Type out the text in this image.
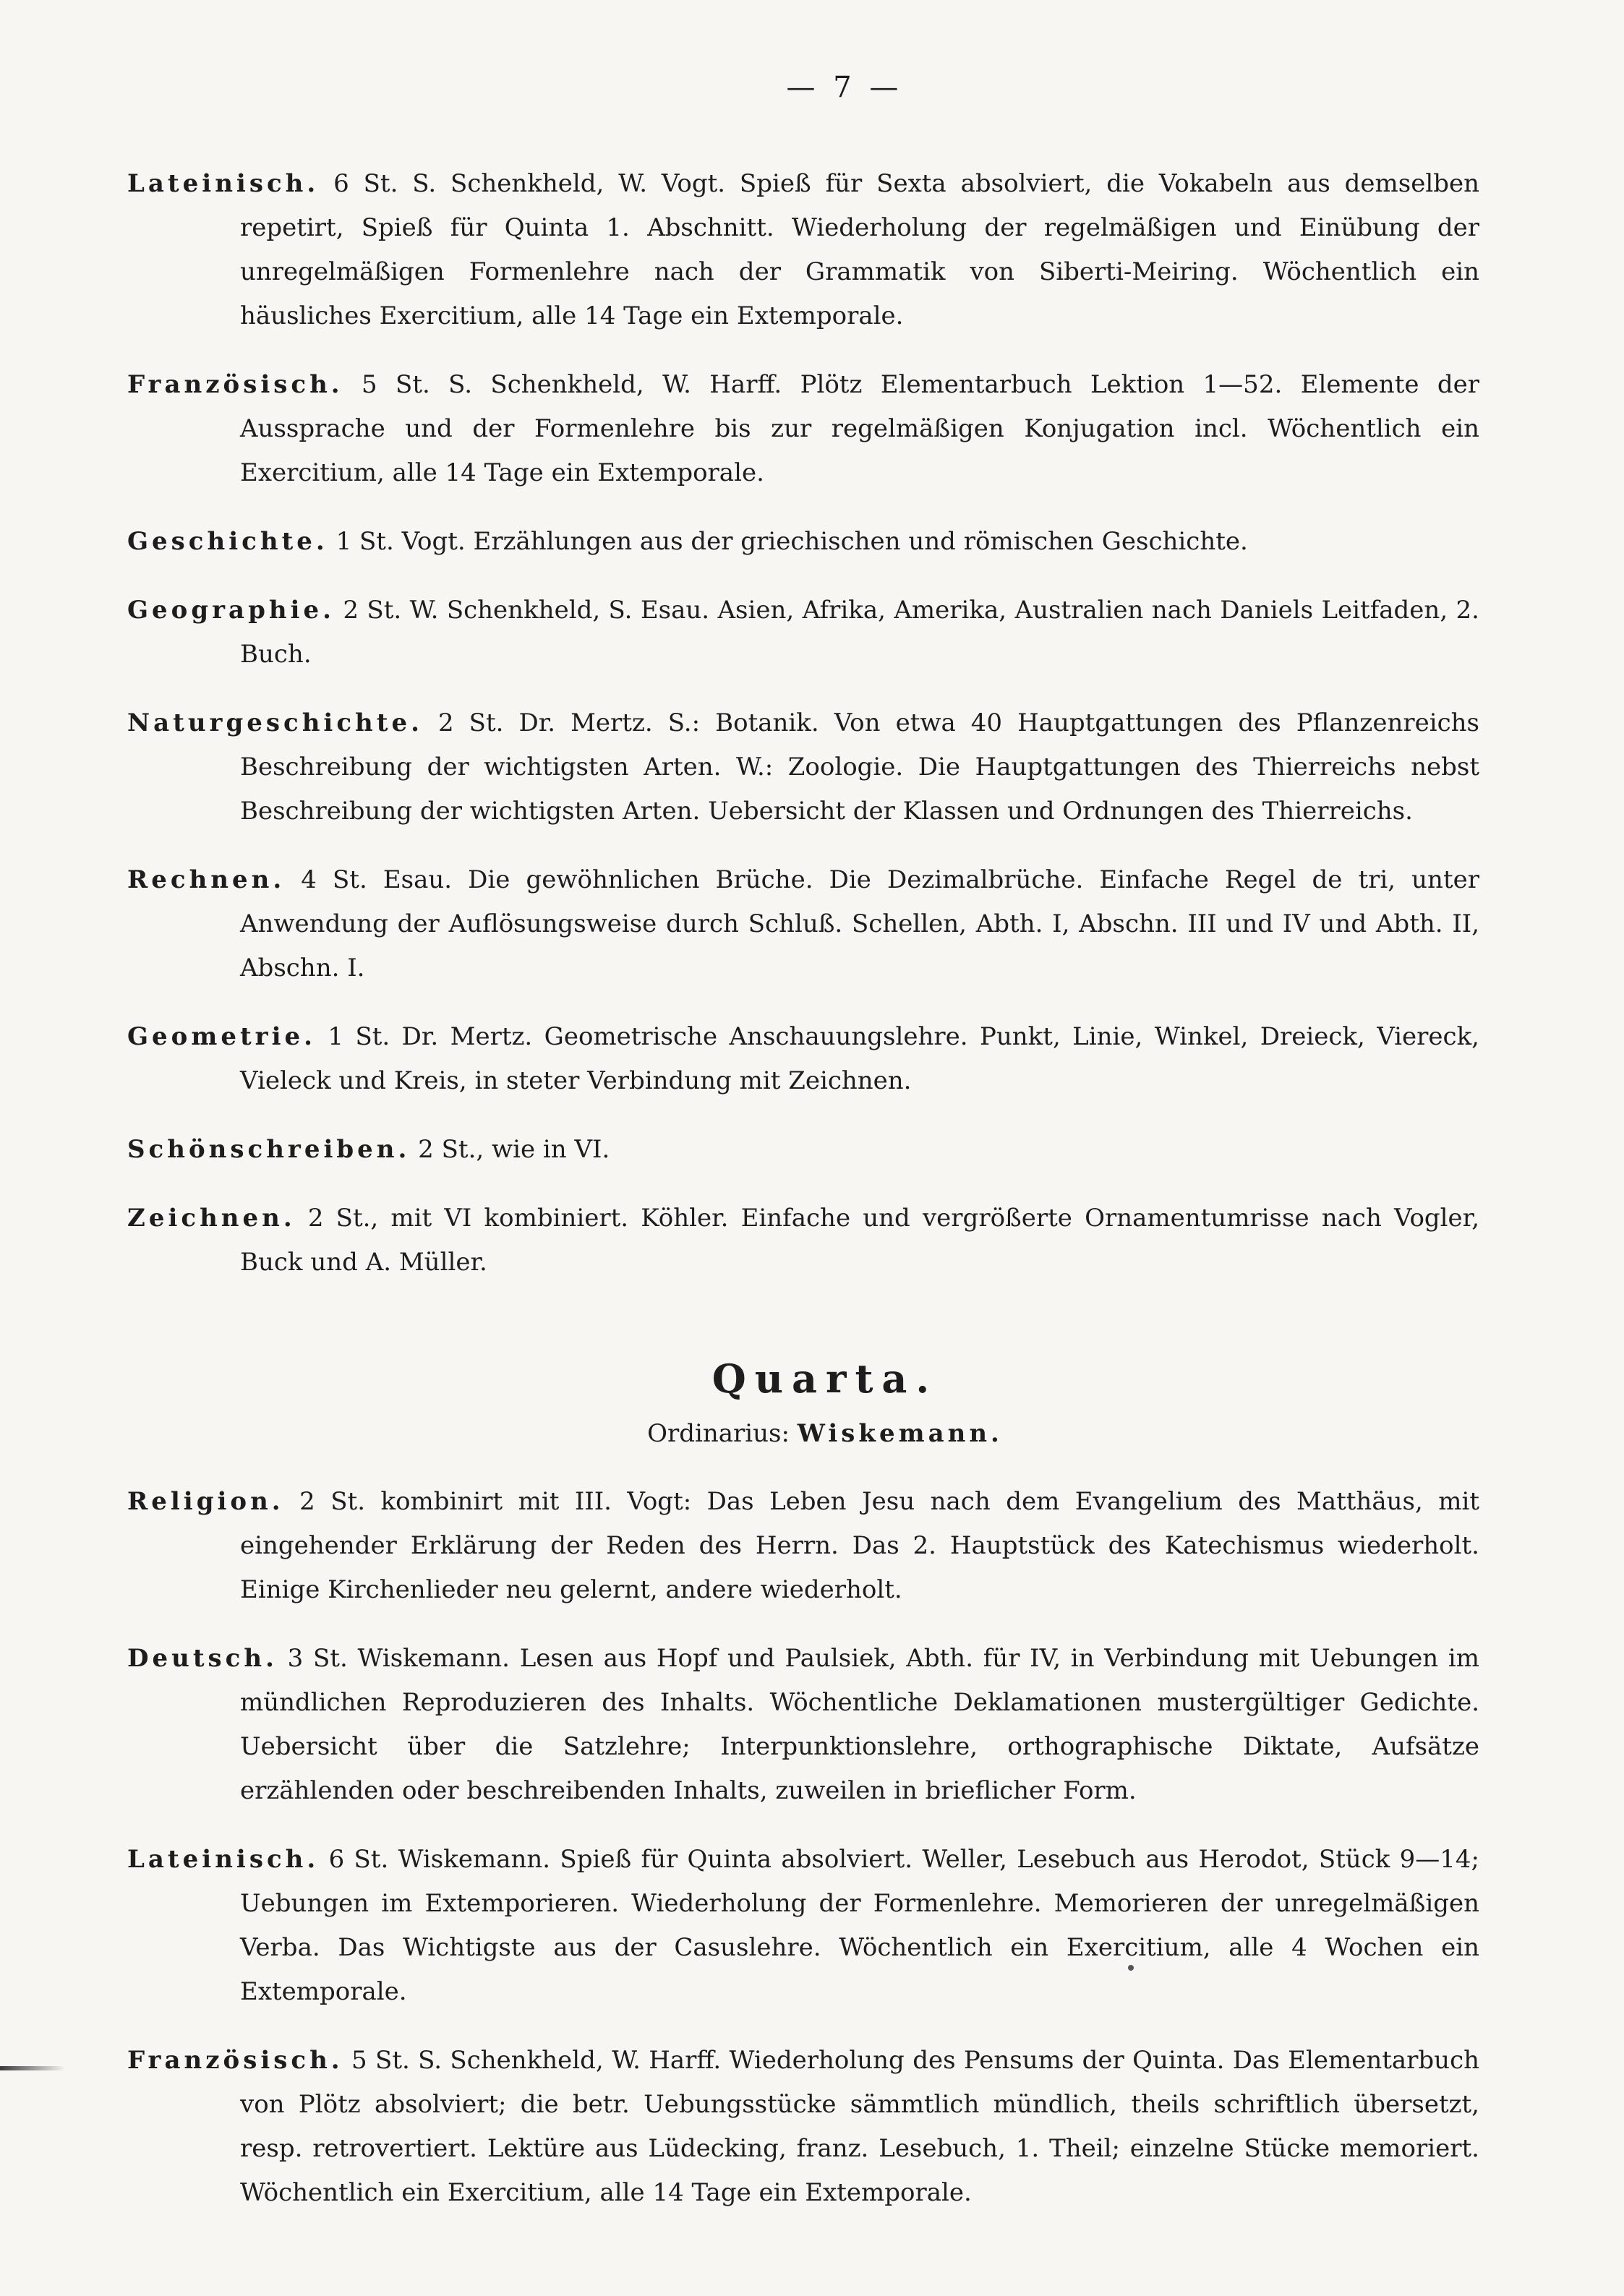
— 7 —

Lateinisch. 6 St. S. Schenkheld, W. Vogt. Spieß für Sexta absolviert, die Vokabeln aus demselben repetirt, Spieß für Quinta 1. Abschnitt. Wiederholung der regelmäßigen und Einübung der unregelmäßigen Formenlehre nach der Grammatik von Siberti-Meiring. Wöchentlich ein häusliches Exercitium, alle 14 Tage ein Extemporale.

Französisch. 5 St. S. Schenkheld, W. Harff. Plötz Elementarbuch Lektion 1—52. Elemente der Aussprache und der Formenlehre bis zur regelmäßigen Konjugation incl. Wöchentlich ein Exercitium, alle 14 Tage ein Extemporale.

Geschichte. 1 St. Vogt. Erzählungen aus der griechischen und römischen Geschichte.

Geographie. 2 St. W. Schenkheld, S. Esau. Asien, Afrika, Amerika, Australien nach Daniels Leitfaden, 2. Buch.

Naturgeschichte. 2 St. Dr. Mertz. S.: Botanik. Von etwa 40 Hauptgattungen des Pflanzenreichs Beschreibung der wichtigsten Arten. W.: Zoologie. Die Hauptgattungen des Thierreichs nebst Beschreibung der wichtigsten Arten. Uebersicht der Klassen und Ordnungen des Thierreichs.

Rechnen. 4 St. Esau. Die gewöhnlichen Brüche. Die Dezimalbrüche. Einfache Regel de tri, unter Anwendung der Auflösungsweise durch Schluß. Schellen, Abth. I, Abschn. III und IV und Abth. II, Abschn. I.

Geometrie. 1 St. Dr. Mertz. Geometrische Anschauungslehre. Punkt, Linie, Winkel, Dreieck, Viereck, Vieleck und Kreis, in steter Verbindung mit Zeichnen.

Schönschreiben. 2 St., wie in VI.

Zeichnen. 2 St., mit VI kombiniert. Köhler. Einfache und vergrößerte Ornamentumrisse nach Vogler, Buck und A. Müller.

Quarta.
Ordinarius: Wiskemann.

Religion. 2 St. kombinirt mit III. Vogt: Das Leben Jesu nach dem Evangelium des Matthäus, mit eingehender Erklärung der Reden des Herrn. Das 2. Hauptstück des Katechismus wiederholt. Einige Kirchenlieder neu gelernt, andere wiederholt.

Deutsch. 3 St. Wiskemann. Lesen aus Hopf und Paulsiek, Abth. für IV, in Verbindung mit Uebungen im mündlichen Reproduzieren des Inhalts. Wöchentliche Deklamationen mustergültiger Gedichte. Uebersicht über die Satzlehre; Interpunktionslehre, orthographische Diktate, Aufsätze erzählenden oder beschreibenden Inhalts, zuweilen in brieflicher Form.

Lateinisch. 6 St. Wiskemann. Spieß für Quinta absolviert. Weller, Lesebuch aus Herodot, Stück 9—14; Uebungen im Extemporieren. Wiederholung der Formenlehre. Memorieren der unregelmäßigen Verba. Das Wichtigste aus der Casuslehre. Wöchentlich ein Exercitium, alle 4 Wochen ein Extemporale.

Französisch. 5 St. S. Schenkheld, W. Harff. Wiederholung des Pensums der Quinta. Das Elementarbuch von Plötz absolviert; die betr. Uebungsstücke sämmtlich mündlich, theils schriftlich übersetzt, resp. retrovertiert. Lektüre aus Lüdecking, franz. Lesebuch, 1. Theil; einzelne Stücke memoriert. Wöchentlich ein Exercitium, alle 14 Tage ein Extemporale.
